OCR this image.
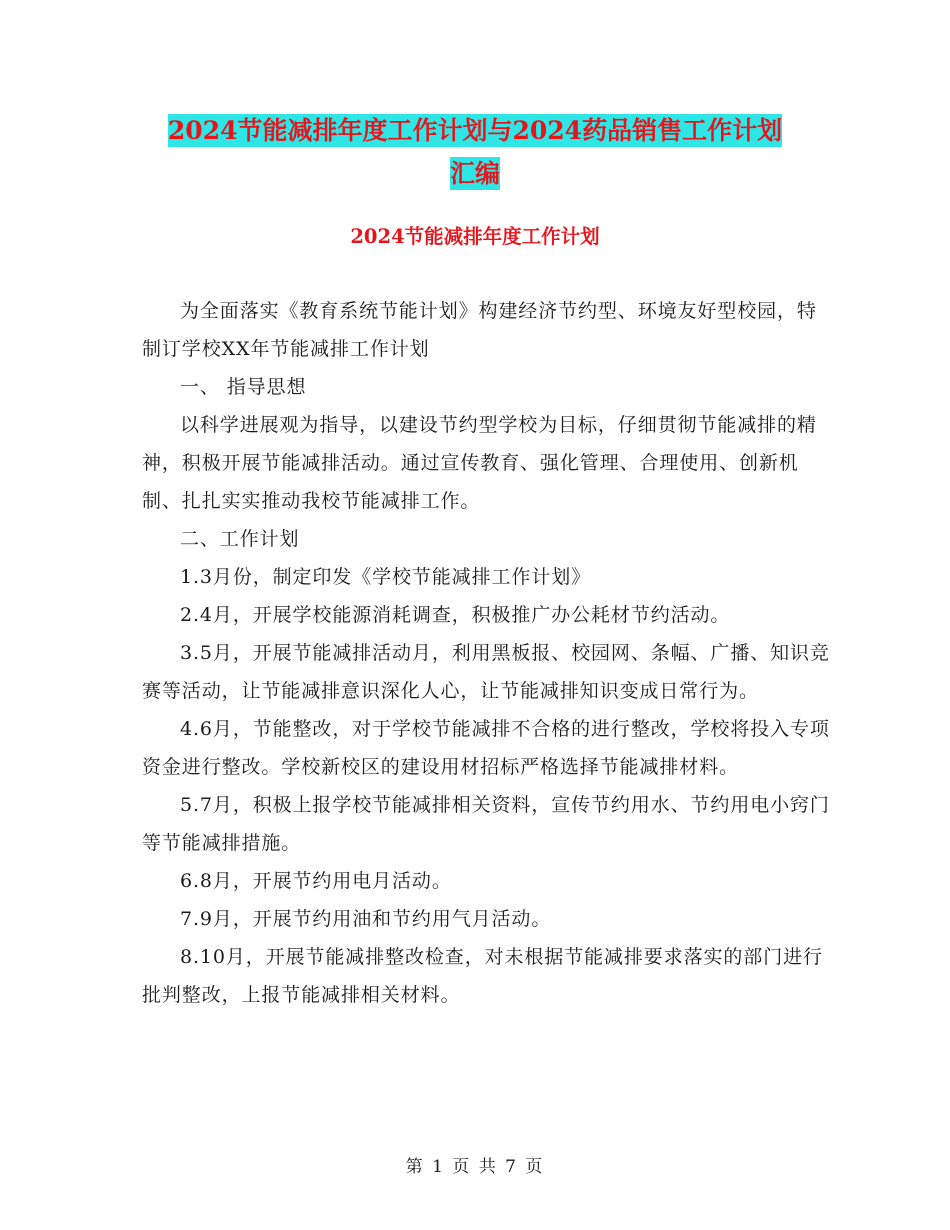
2024节能减排年度工作计划与2024药品销售工作计划
汇编
2024节能减排年度工作计划

为全面落实《教育系统节能计划》构建经济节约型、环境友好型校园，特制订学校XX年节能减排工作计划

一、 指导思想

以科学进展观为指导，以建设节约型学校为目标，仔细贯彻节能减排的精神，积极开展节能减排活动。通过宣传教育、强化管理、合理使用、创新机制、扎扎实实推动我校节能减排工作。

二、工作计划

1.3月份，制定印发《学校节能减排工作计划》

2.4月，开展学校能源消耗调查，积极推广办公耗材节约活动。

3.5月，开展节能减排活动月，利用黑板报、校园网、条幅、广播、知识竞赛等活动，让节能减排意识深化人心，让节能减排知识变成日常行为。

4.6月，节能整改，对于学校节能减排不合格的进行整改，学校将投入专项资金进行整改。学校新校区的建设用材招标严格选择节能减排材料。

5.7月，积极上报学校节能减排相关资料，宣传节约用水、节约用电小窍门等节能减排措施。

6.8月，开展节约用电月活动。

7.9月，开展节约用油和节约用气月活动。

8.10月，开展节能减排整改检查，对未根据节能减排要求落实的部门进行批判整改，上报节能减排相关材料。

第 1 页 共 7 页
